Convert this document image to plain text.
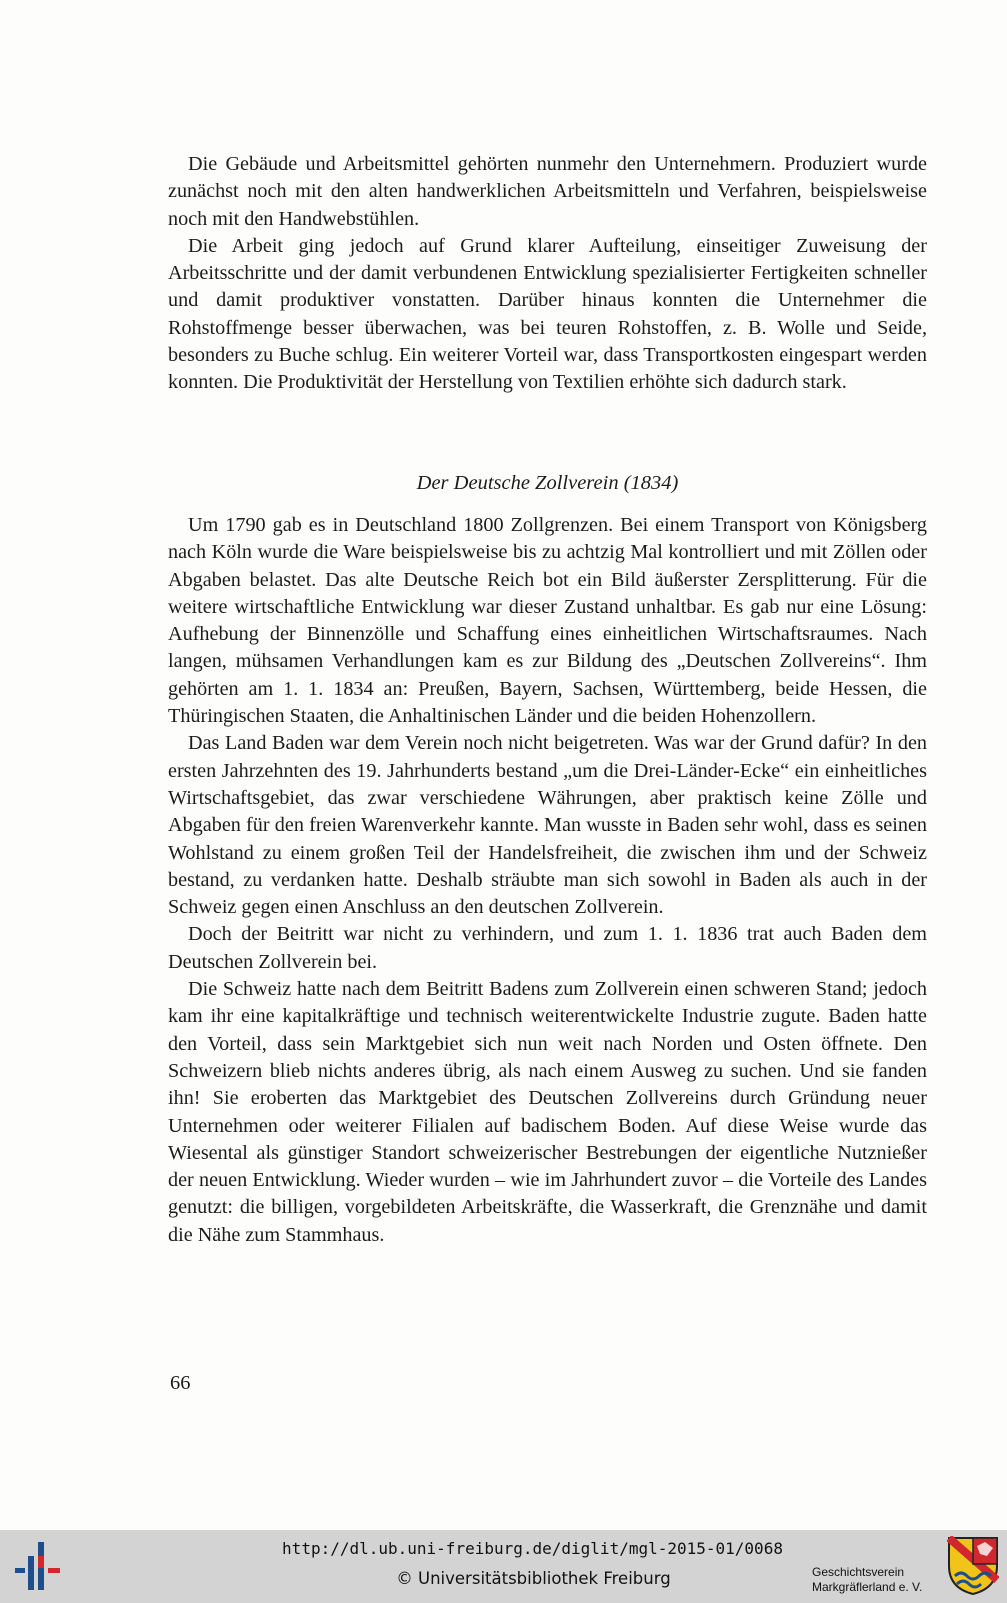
Die Gebäude und Arbeitsmittel gehörten nunmehr den Unternehmern. Produziert wurde zunächst noch mit den alten handwerklichen Arbeitsmitteln und Verfahren, beispielsweise noch mit den Handwebstühlen.

Die Arbeit ging jedoch auf Grund klarer Aufteilung, einseitiger Zuweisung der Arbeitsschritte und der damit verbundenen Entwicklung spezialisierter Fertigkeiten schneller und damit produktiver vonstatten. Darüber hinaus konnten die Unternehmer die Rohstoffmenge besser überwachen, was bei teuren Rohstoffen, z. B. Wolle und Seide, besonders zu Buche schlug. Ein weiterer Vorteil war, dass Transportkosten eingespart werden konnten. Die Produktivität der Herstellung von Textilien erhöhte sich dadurch stark.

Der Deutsche Zollverein (1834)

Um 1790 gab es in Deutschland 1800 Zollgrenzen. Bei einem Transport von Königsberg nach Köln wurde die Ware beispielsweise bis zu achtzig Mal kontrolliert und mit Zöllen oder Abgaben belastet. Das alte Deutsche Reich bot ein Bild äußerster Zersplitterung. Für die weitere wirtschaftliche Entwicklung war dieser Zustand unhaltbar. Es gab nur eine Lösung: Aufhebung der Binnenzölle und Schaffung eines einheitlichen Wirtschaftsraumes. Nach langen, mühsamen Verhandlungen kam es zur Bildung des „Deutschen Zollvereins“. Ihm gehörten am 1. 1. 1834 an: Preußen, Bayern, Sachsen, Württemberg, beide Hessen, die Thüringischen Staaten, die Anhaltinischen Länder und die beiden Hohenzollern.

Das Land Baden war dem Verein noch nicht beigetreten. Was war der Grund dafür? In den ersten Jahrzehnten des 19. Jahrhunderts bestand „um die Drei-Länder-Ecke“ ein einheitliches Wirtschaftsgebiet, das zwar verschiedene Währungen, aber praktisch keine Zölle und Abgaben für den freien Warenverkehr kannte. Man wusste in Baden sehr wohl, dass es seinen Wohlstand zu einem großen Teil der Handelsfreiheit, die zwischen ihm und der Schweiz bestand, zu verdanken hatte. Deshalb sträubte man sich sowohl in Baden als auch in der Schweiz gegen einen Anschluss an den deutschen Zollverein.

Doch der Beitritt war nicht zu verhindern, und zum 1. 1. 1836 trat auch Baden dem Deutschen Zollverein bei.

Die Schweiz hatte nach dem Beitritt Badens zum Zollverein einen schweren Stand; jedoch kam ihr eine kapitalkräftige und technisch weiterentwickelte Industrie zugute. Baden hatte den Vorteil, dass sein Marktgebiet sich nun weit nach Norden und Osten öffnete. Den Schweizern blieb nichts anderes übrig, als nach einem Ausweg zu suchen. Und sie fanden ihn! Sie eroberten das Marktgebiet des Deutschen Zollvereins durch Gründung neuer Unternehmen oder weiterer Filialen auf badischem Boden. Auf diese Weise wurde das Wiesental als günstiger Standort schweizerischer Bestrebungen der eigentliche Nutznießer der neuen Entwicklung. Wieder wurden – wie im Jahrhundert zuvor – die Vorteile des Landes genutzt: die billigen, vorgebildeten Arbeitskräfte, die Wasserkraft, die Grenznähe und damit die Nähe zum Stammhaus.

66
http://dl.ub.uni-freiburg.de/diglit/mgl-2015-01/0068
© Universitätsbibliothek Freiburg	Geschichtsverein
Markgräflerland e. V.
